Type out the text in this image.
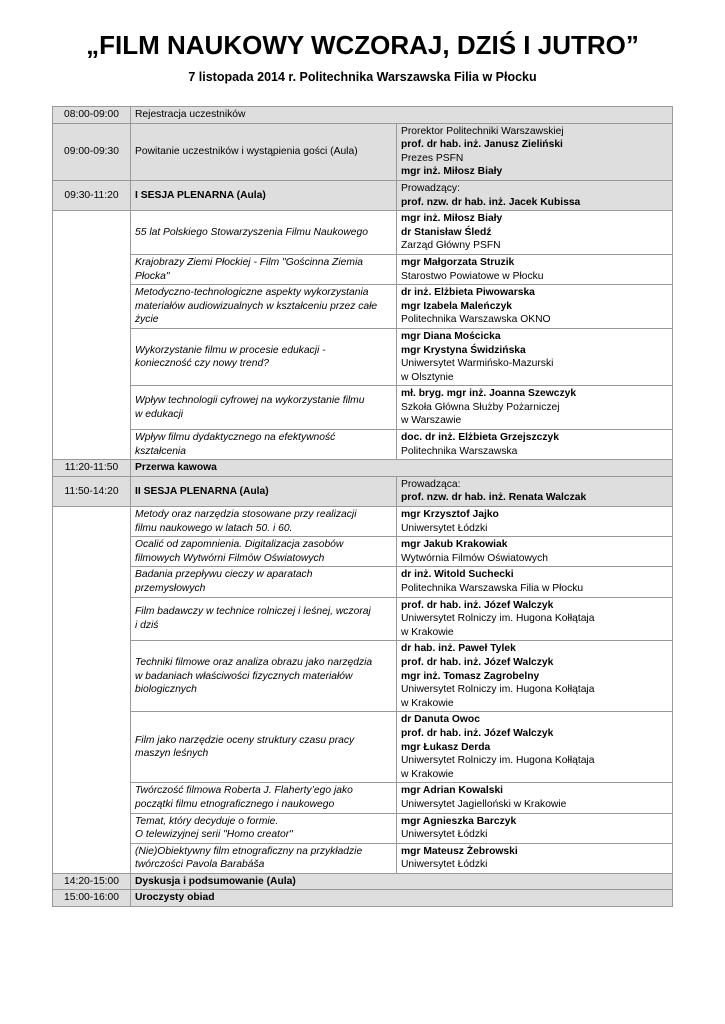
„FILM NAUKOWY WCZORAJ, DZIŚ I JUTRO”
7 listopada 2014 r. Politechnika Warszawska Filia w Płocku
08:00-09:00	Rejestracja uczestników	
09:00-09:30	Powitanie uczestników i wystąpienia gości (Aula)	Prorektor Politechniki Warszawskiej
prof. dr hab. inż. Janusz Zieliński
Prezes PSFN
mgr inż. Miłosz Biały

09:30-11:20	I SESJA PLENARNA (Aula)	Prowadzący:
prof. nzw. dr hab. inż. Jacek Kubissa

	55 lat Polskiego Stowarzyszenia Filmu Naukowego	mgr inż. Miłosz Biały
dr Stanisław Śledź
Zarząd Główny PSFN

	Krajobrazy Ziemi Płockiej - Film "Gościnna Ziemia
Płocka"	mgr Małgorzata Struzik
Starostwo Powiatowe w Płocku

	Metodyczno-technologiczne aspekty wykorzystania
materiałów audiowizualnych w kształceniu przez całe
życie	dr inż. Elżbieta Piwowarska
mgr Izabela Maleńczyk
Politechnika Warszawska OKNO

	Wykorzystanie filmu w procesie edukacji -
konieczność czy nowy trend?	mgr Diana Mościcka
mgr Krystyna Świdzińska
Uniwersytet Warmińsko-Mazurski
w Olsztynie

	Wpływ technologii cyfrowej na wykorzystanie filmu
w edukacji	mł. bryg. mgr inż. Joanna Szewczyk
Szkoła Główna Służby Pożarniczej
w Warszawie

	Wpływ filmu dydaktycznego na efektywność
kształcenia	doc. dr inż. Elżbieta Grzejszczyk
Politechnika Warszawska

11:20-11:50	Przerwa kawowa	
11:50-14:20	II SESJA PLENARNA (Aula)	Prowadząca:
prof. nzw. dr hab. inż. Renata Walczak

	Metody oraz narzędzia stosowane przy realizacji
filmu naukowego w latach 50. i 60.	mgr Krzysztof Jajko
Uniwersytet Łódzki

	Ocalić od zapomnienia. Digitalizacja zasobów
filmowych Wytwórni Filmów Oświatowych	mgr Jakub Krakowiak
Wytwórnia Filmów Oświatowych

	Badania przepływu cieczy w aparatach
przemysłowych	dr inż. Witold Suchecki
Politechnika Warszawska Filia w Płocku

	Film badawczy w technice rolniczej i leśnej, wczoraj
i dziś	prof. dr hab. inż. Józef Walczyk
Uniwersytet Rolniczy im. Hugona Kołłątaja
w Krakowie

	Techniki filmowe oraz analiza obrazu jako narzędzia
w badaniach właściwości fizycznych materiałów
biologicznych	dr hab. inż. Paweł Tylek
prof. dr hab. inż. Józef Walczyk
mgr inż. Tomasz Zagrobelny
Uniwersytet Rolniczy im. Hugona Kołłątaja
w Krakowie

	Film jako narzędzie oceny struktury czasu pracy
maszyn leśnych	dr Danuta Owoc
prof. dr hab. inż. Józef Walczyk
mgr Łukasz Derda
Uniwersytet Rolniczy im. Hugona Kołłątaja
w Krakowie

	Twórczość filmowa Roberta J. Flaherty’ego jako
początki filmu etnograficznego i naukowego	mgr Adrian Kowalski
Uniwersytet Jagielloński w Krakowie

	Temat, który decyduje o formie.
O telewizyjnej serii "Homo creator"	mgr Agnieszka Barczyk
Uniwersytet Łódzki

	(Nie)Obiektywny film etnograficzny na przykładzie
twórczości Pavola Barabáša	mgr Mateusz Żebrowski
Uniwersytet Łódzki

14:20-15:00	Dyskusja i podsumowanie (Aula)	
15:00-16:00	Uroczysty obiad	
